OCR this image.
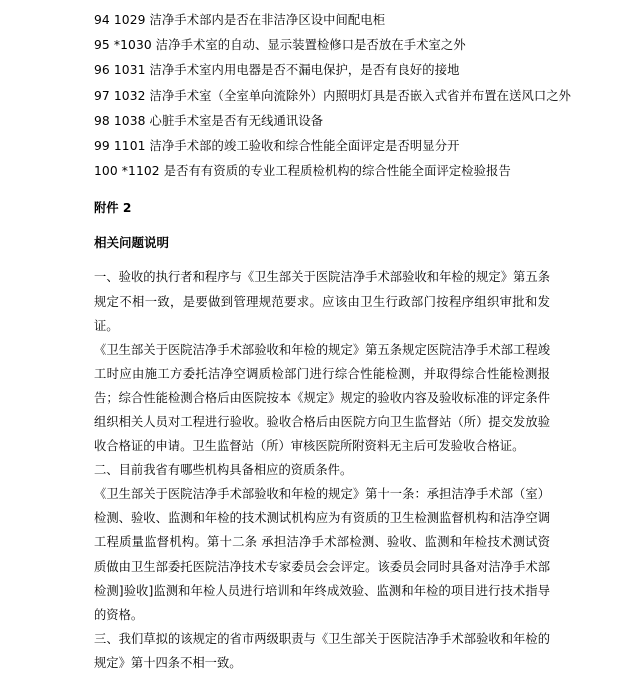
94 1029 洁净手术部内是否在非洁净区设中间配电柜
95 *1030 洁净手术室的自动、显示装置检修口是否放在手术室之外
96 1031 洁净手术室内用电器是否不漏电保护，是否有良好的接地
97 1032 洁净手术室（全室单向流除外）内照明灯具是否嵌入式省并布置在送风口之外
98 1038 心脏手术室是否有无线通讯设备
99 1101 洁净手术部的竣工验收和综合性能全面评定是否明显分开
100 *1102 是否有有资质的专业工程质检机构的综合性能全面评定检验报告
附件 2
相关问题说明

一、验收的执行者和程序与《卫生部关于医院洁净手术部验收和年检的规定》第五条规定不相一致，是要做到管理规范要求。应该由卫生行政部门按程序组织审批和发证。

《卫生部关于医院洁净手术部验收和年检的规定》第五条规定医院洁净手术部工程竣工时应由施工方委托洁净空调质检部门进行综合性能检测，并取得综合性能检测报告；综合性能检测合格后由医院按本《规定》规定的验收内容及验收标准的评定条件组织相关人员对工程进行验收。验收合格后由医院方向卫生监督站（所）提交发放验收合格证的申请。卫生监督站（所）审核医院所附资料无主后可发验收合格证。

二、目前我省有哪些机构具备相应的资质条件。

《卫生部关于医院洁净手术部验收和年检的规定》第十一条：承担洁净手术部（室）检测、验收、监测和年检的技术测试机构应为有资质的卫生检测监督机构和洁净空调工程质量监督机构。第十二条 承担洁净手术部检测、验收、监测和年检技术测试资质做由卫生部委托医院洁净技术专家委员会会评定。该委员会同时具备对洁净手术部检测]验收]监测和年检人员进行培训和年终成效验、监测和年检的项目进行技术指导的资格。

三、我们草拟的该规定的省市两级职责与《卫生部关于医院洁净手术部验收和年检的规定》第十四条不相一致。
